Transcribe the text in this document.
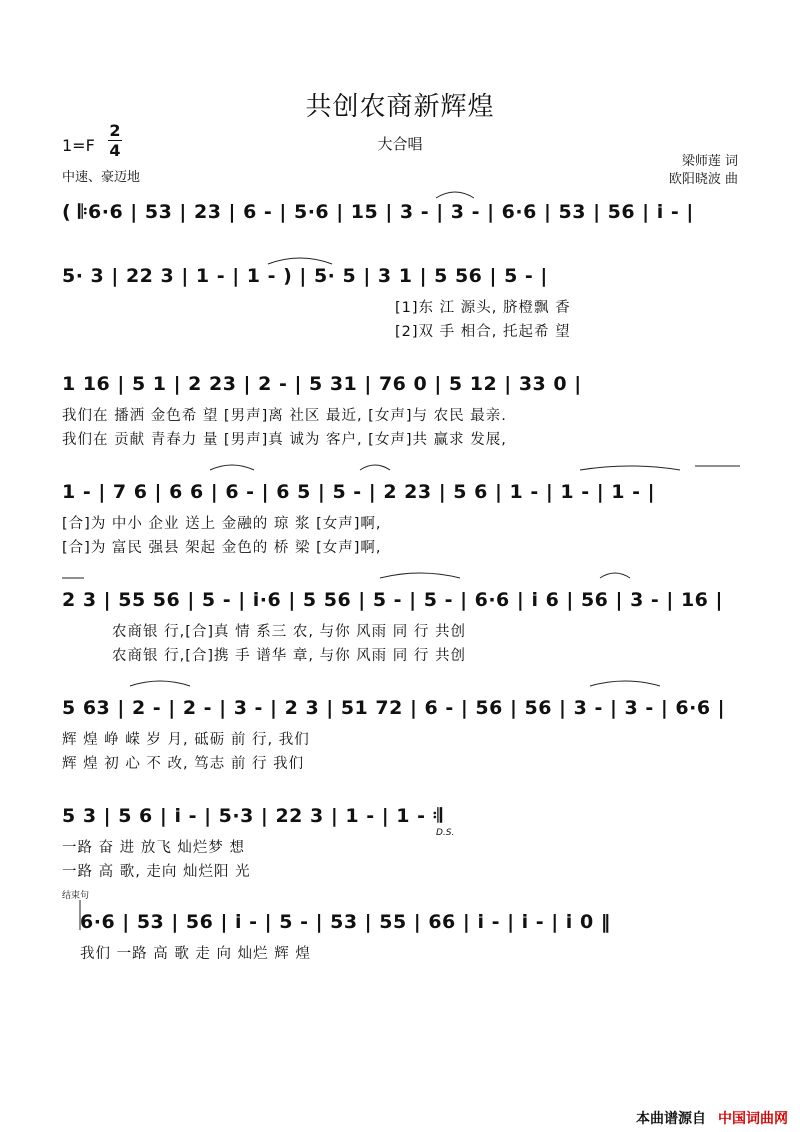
共创农商新辉煌
1=F
2
4	大合唱
中速、豪迈地
梁师莲 词
欧阳晓波 曲
( 𝄆6·6 | 53 | 23 | 6 - | 5·6 | 15 | 3 - | 3 - | 6·6 | 53 | 56 | i - |
5· 3 | 22 3 | 1 - | 1 - ) | 5· 5 | 3 1 | 5 56 | 5 - |
[1]东 江 源头, 脐橙飘 香
[2]双 手 相合, 托起希 望
1 16 | 5 1 | 2 23 | 2 - | 5 31 | 76 0 | 5 12 | 33 0 |
我们在 播洒 金色希 望 [男声]离 社区 最近, [女声]与 农民 最亲.
我们在 贡献 青春力 量 [男声]真 诚为 客户, [女声]共 赢求 发展,
1 - | 7 6 | 6 6 | 6 - | 6 5 | 5 - | 2 23 | 5 6 | 1 - | 1 - | 1 - |
[合]为 中小 企业 送上 金融的 琼 浆 [女声]啊,
[合]为 富民 强县 架起 金色的 桥 梁 [女声]啊,
2 3 | 55 56 | 5 - | i·6 | 5 56 | 5 - | 5 - | 6·6 | i 6 | 56 | 3 - | 16 |
农商银 行,[合]真 情 系三 农, 与你 风雨 同 行 共创
农商银 行,[合]携 手 谱华 章, 与你 风雨 同 行 共创
5 63 | 2 - | 2 - | 3 - | 2 3 | 51 72 | 6 - | 56 | 56 | 3 - | 3 - | 6·6 |
辉 煌 峥 嵘 岁 月, 砥砺 前 行, 我们
辉 煌 初 心 不 改, 笃志 前 行 我们
5 3 | 5 6 | i - | 5·3 | 22 3 | 1 - | 1 - 𝄇
D.S.
一路 奋 进 放飞 灿烂梦 想
一路 高 歌, 走向 灿烂阳 光
结束句
6·6 | 53 | 56 | i - | 5 - | 53 | 55 | 66 | i - | i - | i 0 ‖
我们 一路 高 歌 走 向 灿烂 辉 煌
本曲谱源自 中国词曲网
